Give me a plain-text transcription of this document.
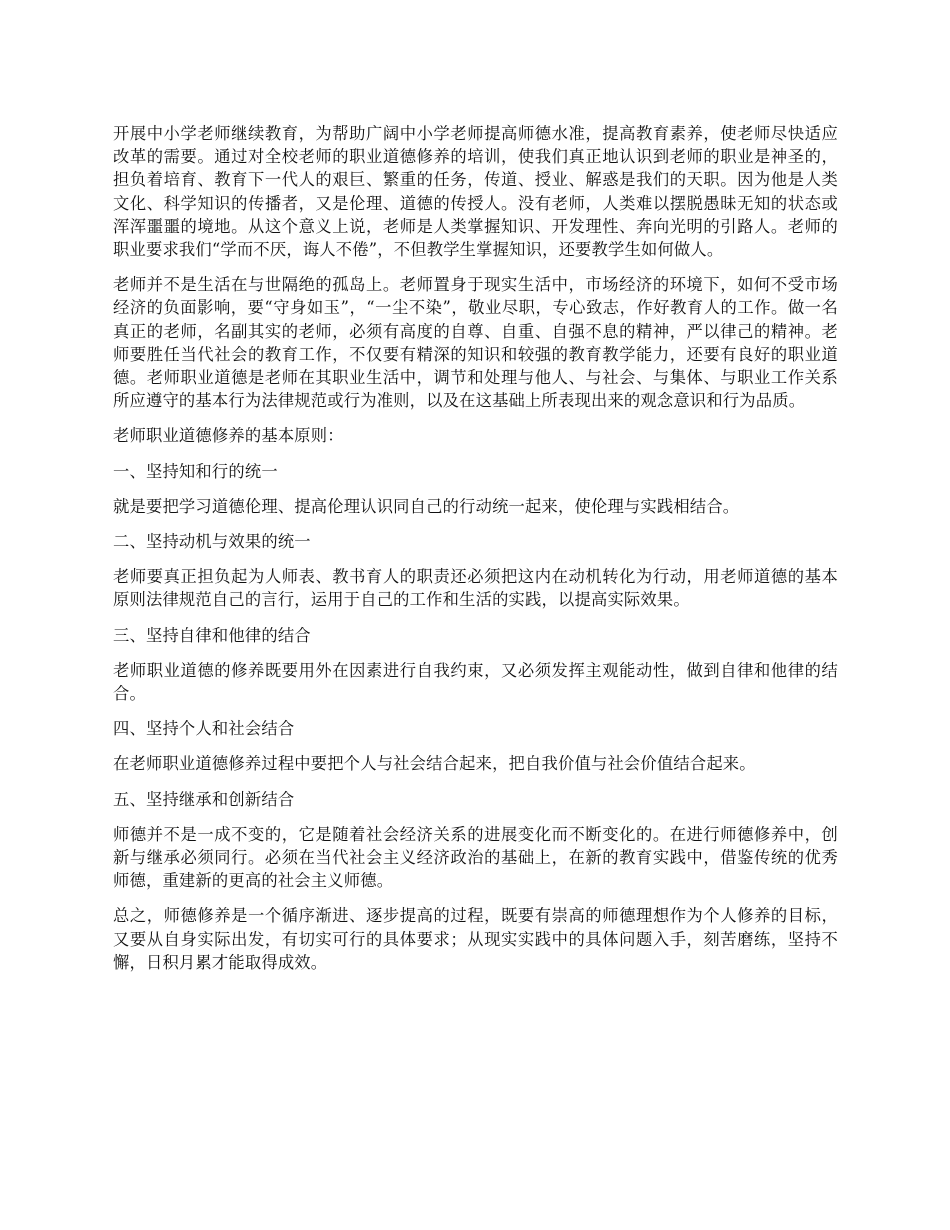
开展中小学老师继续教育，为帮助广阔中小学老师提高师德水准，提高教育素养，使老师尽快适应改革的需要。通过对全校老师的职业道德修养的培训，使我们真正地认识到老师的职业是神圣的，担负着培育、教育下一代人的艰巨、繁重的任务，传道、授业、解惑是我们的天职。因为他是人类文化、科学知识的传播者，又是伦理、道德的传授人。没有老师，人类难以摆脱愚昧无知的状态或浑浑噩噩的境地。从这个意义上说，老师是人类掌握知识、开发理性、奔向光明的引路人。老师的职业要求我们“学而不厌，诲人不倦”，不但教学生掌握知识，还要教学生如何做人。

老师并不是生活在与世隔绝的孤岛上。老师置身于现实生活中，市场经济的环境下，如何不受市场经济的负面影响，要“守身如玉”，“一尘不染”，敬业尽职，专心致志，作好教育人的工作。做一名真正的老师，名副其实的老师，必须有高度的自尊、自重、自强不息的精神，严以律己的精神。老师要胜任当代社会的教育工作，不仅要有精深的知识和较强的教育教学能力，还要有良好的职业道德。老师职业道德是老师在其职业生活中，调节和处理与他人、与社会、与集体、与职业工作关系所应遵守的基本行为法律规范或行为准则，以及在这基础上所表现出来的观念意识和行为品质。

老师职业道德修养的基本原则：

一、坚持知和行的统一

就是要把学习道德伦理、提高伦理认识同自己的行动统一起来，使伦理与实践相结合。

二、坚持动机与效果的统一

老师要真正担负起为人师表、教书育人的职责还必须把这内在动机转化为行动，用老师道德的基本原则法律规范自己的言行，运用于自己的工作和生活的实践，以提高实际效果。

三、坚持自律和他律的结合

老师职业道德的修养既要用外在因素进行自我约束，又必须发挥主观能动性，做到自律和他律的结合。

四、坚持个人和社会结合

在老师职业道德修养过程中要把个人与社会结合起来，把自我价值与社会价值结合起来。

五、坚持继承和创新结合

师德并不是一成不变的，它是随着社会经济关系的进展变化而不断变化的。在进行师德修养中，创新与继承必须同行。必须在当代社会主义经济政治的基础上，在新的教育实践中，借鉴传统的优秀师德，重建新的更高的社会主义师德。

总之，师德修养是一个循序渐进、逐步提高的过程，既要有崇高的师德理想作为个人修养的目标，又要从自身实际出发，有切实可行的具体要求；从现实实践中的具体问题入手，刻苦磨练，坚持不懈，日积月累才能取得成效。
